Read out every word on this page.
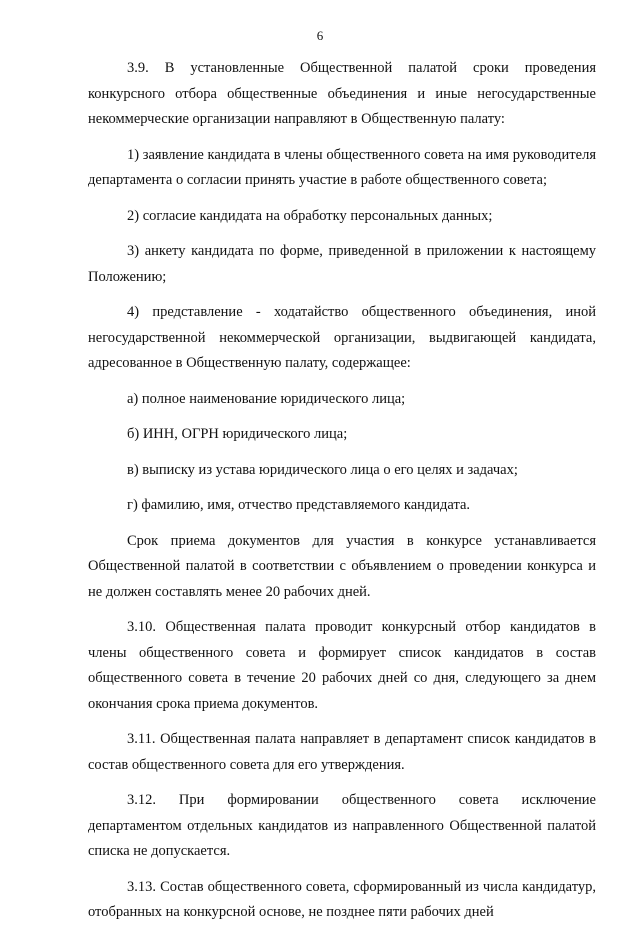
6

3.9. В установленные Общественной палатой сроки проведения конкурсного отбора общественные объединения и иные негосударственные некоммерческие организации направляют в Общественную палату:

1) заявление кандидата в члены общественного совета на имя руководителя департамента о согласии принять участие в работе общественного совета;

2) согласие кандидата на обработку персональных данных;

3) анкету кандидата по форме, приведенной в приложении к настоящему Положению;

4) представление - ходатайство общественного объединения, иной негосударственной некоммерческой организации, выдвигающей кандидата, адресованное в Общественную палату, содержащее:

а) полное наименование юридического лица;

б) ИНН, ОГРН юридического лица;

в) выписку из устава юридического лица о его целях и задачах;

г) фамилию, имя, отчество представляемого кандидата.

Срок приема документов для участия в конкурсе устанавливается Общественной палатой в соответствии с объявлением о проведении конкурса и не должен составлять менее 20 рабочих дней.

3.10. Общественная палата проводит конкурсный отбор кандидатов в члены общественного совета и формирует список кандидатов в состав общественного совета в течение 20 рабочих дней со дня, следующего за днем окончания срока приема документов.

3.11. Общественная палата направляет в департамент список кандидатов в состав общественного совета для его утверждения.

3.12. При формировании общественного совета исключение департаментом отдельных кандидатов из направленного Общественной палатой списка не допускается.

3.13. Состав общественного совета, сформированный из числа кандидатур, отобранных на конкурсной основе, не позднее пяти рабочих дней
